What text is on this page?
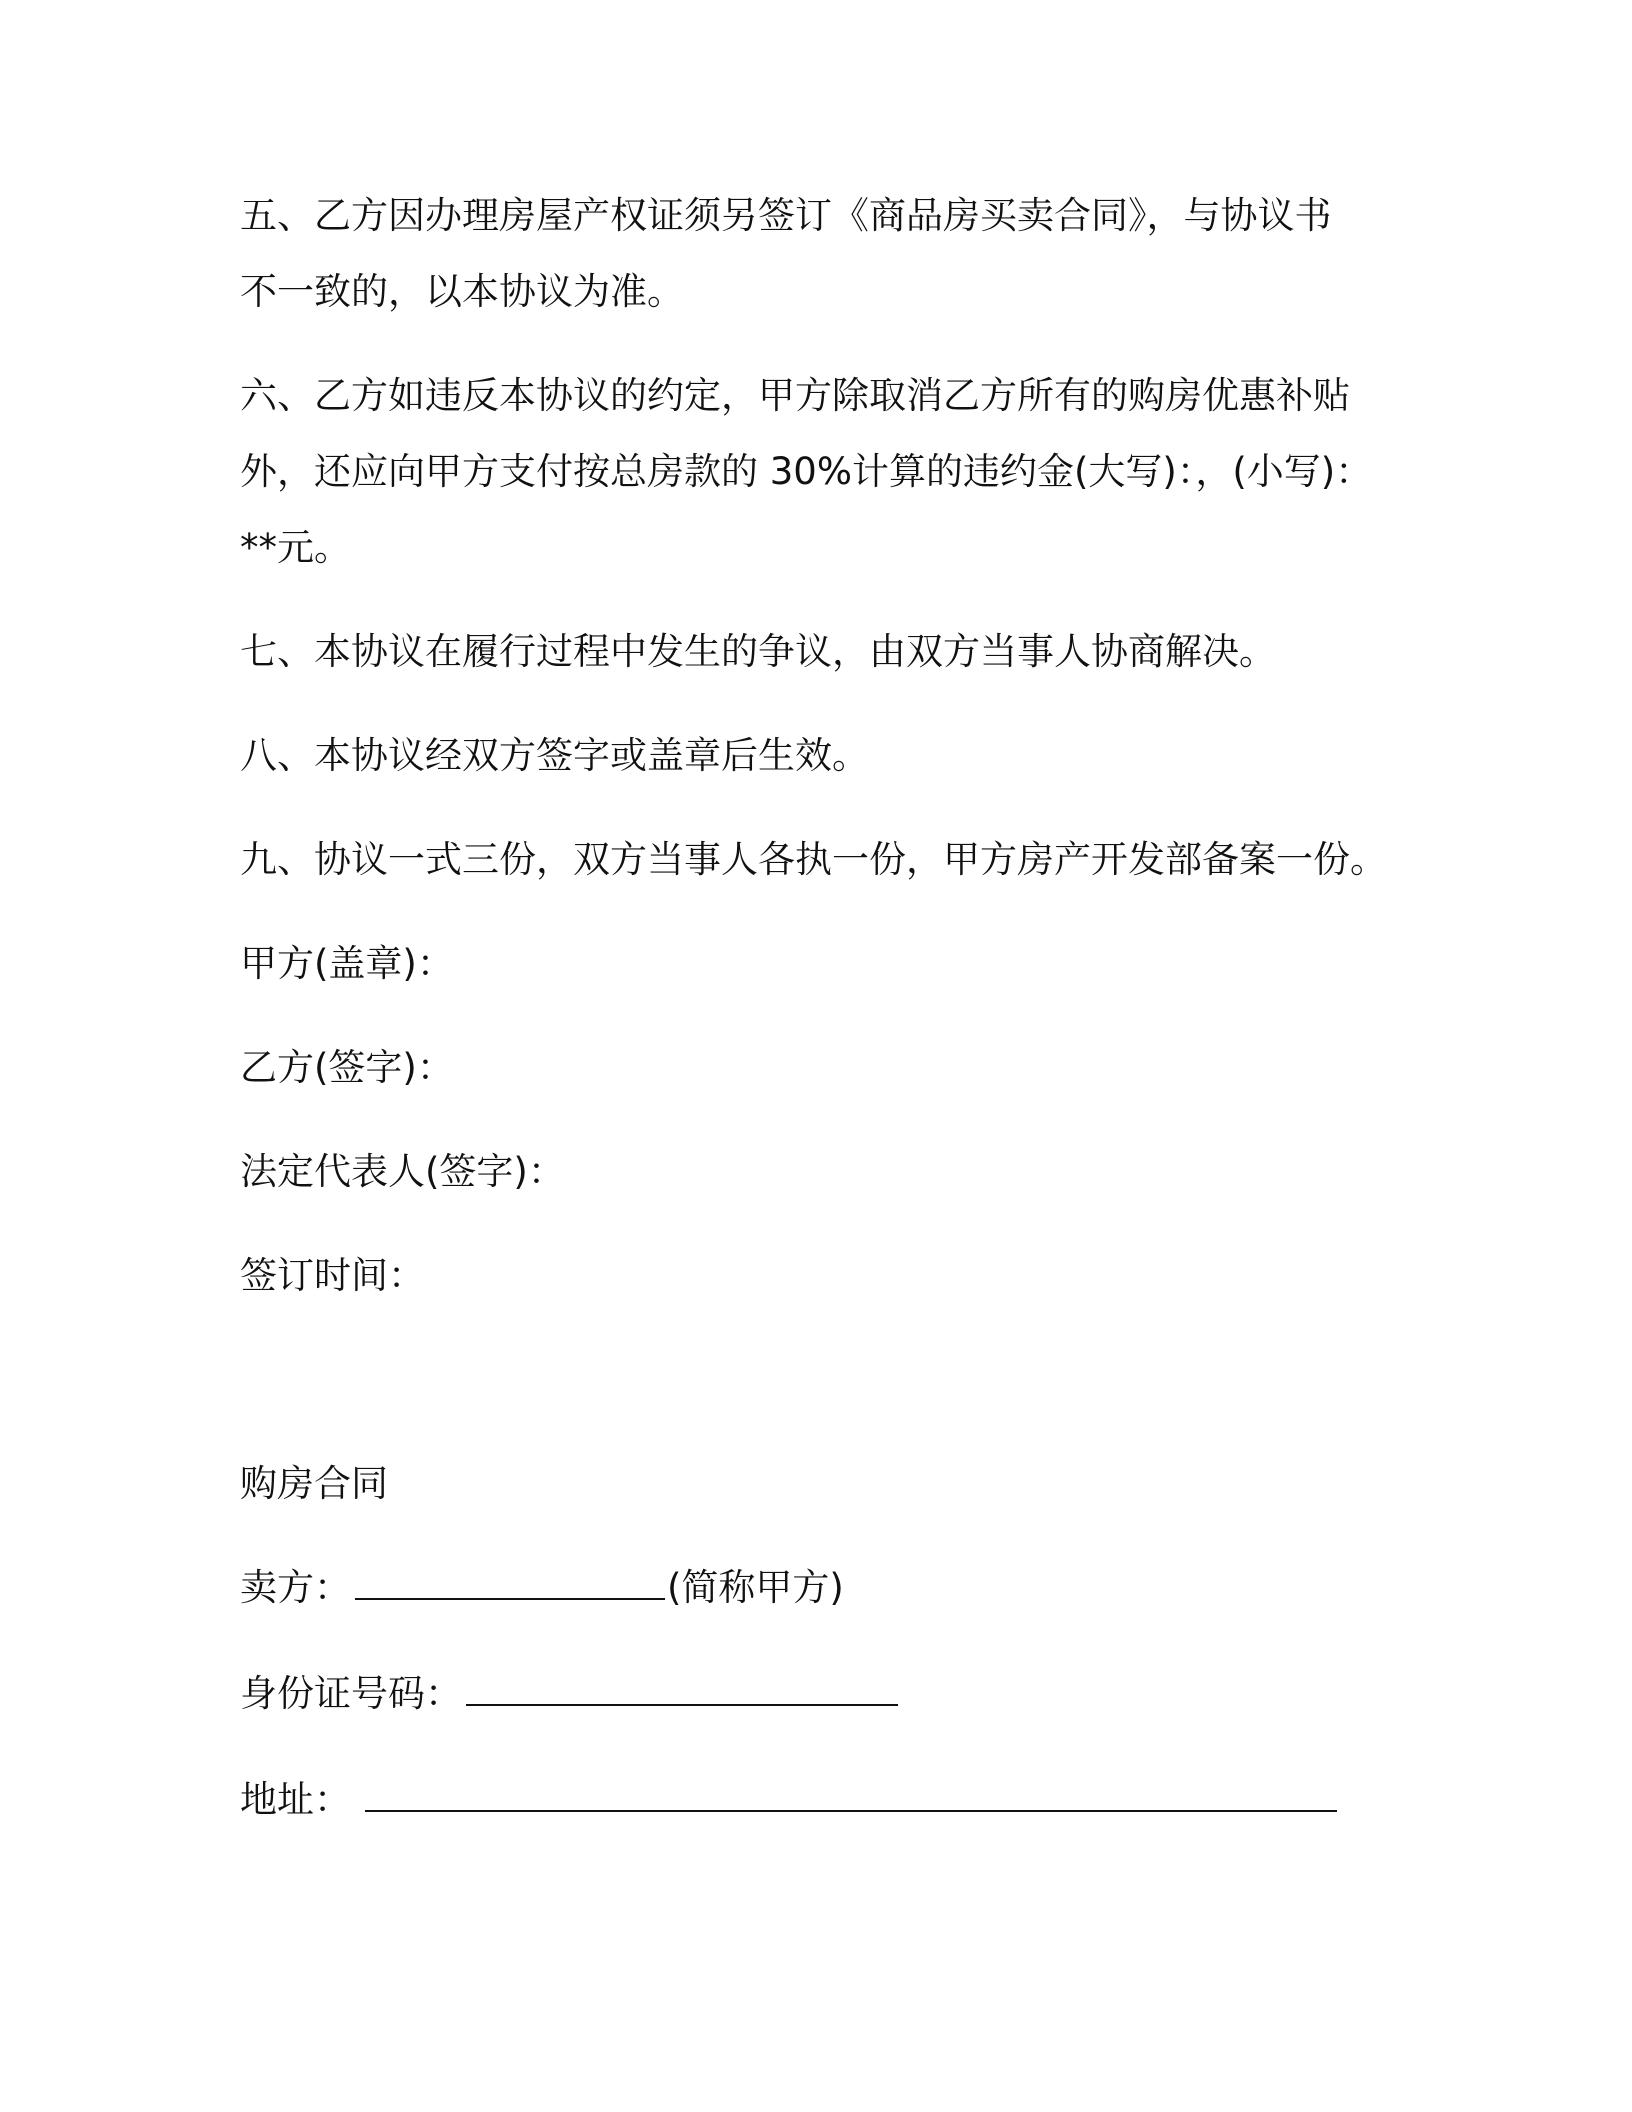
五、乙方因办理房屋产权证须另签订《商品房买卖合同》，与协议书
不一致的，以本协议为准。
六、乙方如违反本协议的约定，甲方除取消乙方所有的购房优惠补贴
外，还应向甲方支付按总房款的 30%计算的违约金(大写)：，(小写)：
**元。
七、本协议在履行过程中发生的争议，由双方当事人协商解决。
八、本协议经双方签字或盖章后生效。
九、协议一式三份，双方当事人各执一份，甲方房产开发部备案一份。
甲方(盖章)：
乙方(签字)：
法定代表人(签字)：
签订时间：
购房合同
卖方：	(简称甲方)
身份证号码：
地址：
